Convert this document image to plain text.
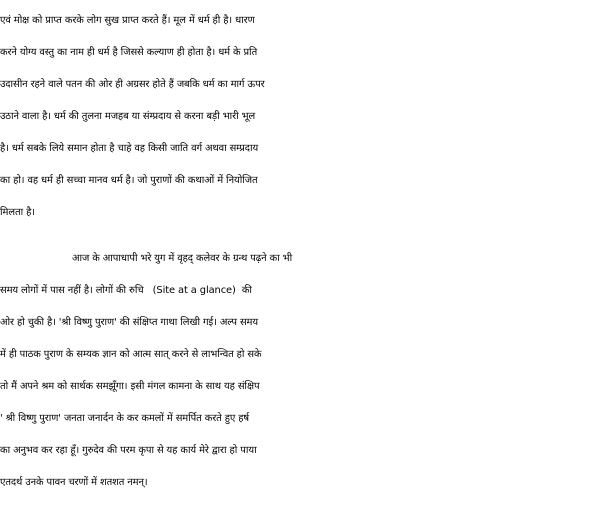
एवं मोक्ष को प्राप्त करके लोग सुख प्राप्त करते हैं। मूल में धर्म ही है। धारण
करने योग्य वस्तु का नाम ही धर्म है जिससे कल्याण ही होता है। धर्म के प्रति
उदासीन रहने वाले पतन की ओर ही अग्रसर होते हैं जबकि धर्म का मार्ग ऊपर
उठाने वाला है। धर्म की तुलना मजहब या संम्प्रदाय से करना बड़ी भारी भूल
है। धर्म सबके लिये समान होता है चाहे वह किसी जाति वर्ग अथवा सम्प्रदाय
का हो। वह धर्म ही सच्चा मानव धर्म है। जो पुराणों की कथाओं में नियोजित
मिलता है।
आज के आपाधापी भरे युग में वृहद् कलेवर के ग्रन्थ पढ़ने का भी
समय लोगों में पास नहीं है। लोगों की रुचि   (Site at a glance)  की
ओर हो चुकी है। 'श्री विष्णु पुराण' की संक्षिप्त गाथा लिखी गई। अल्प समय
में ही पाठक पुराण के सम्यक ज्ञान को आत्म सात् करने से लाभन्वित हो सके
तो मैं अपने श्रम को सार्थक समझूँगा। इसी मंगल कामना के साथ यह संक्षिप
' श्री विष्णु पुराण' जनता जनार्दन के कर कमलों में समर्पित करते हुए हर्ष
का अनुभव कर रहा हूँ। गुरुदेव की परम कृपा से यह कार्य मेरे द्वारा हो पाया
एतदर्थ उनके पावन चरणों में शतशत नमन्।
